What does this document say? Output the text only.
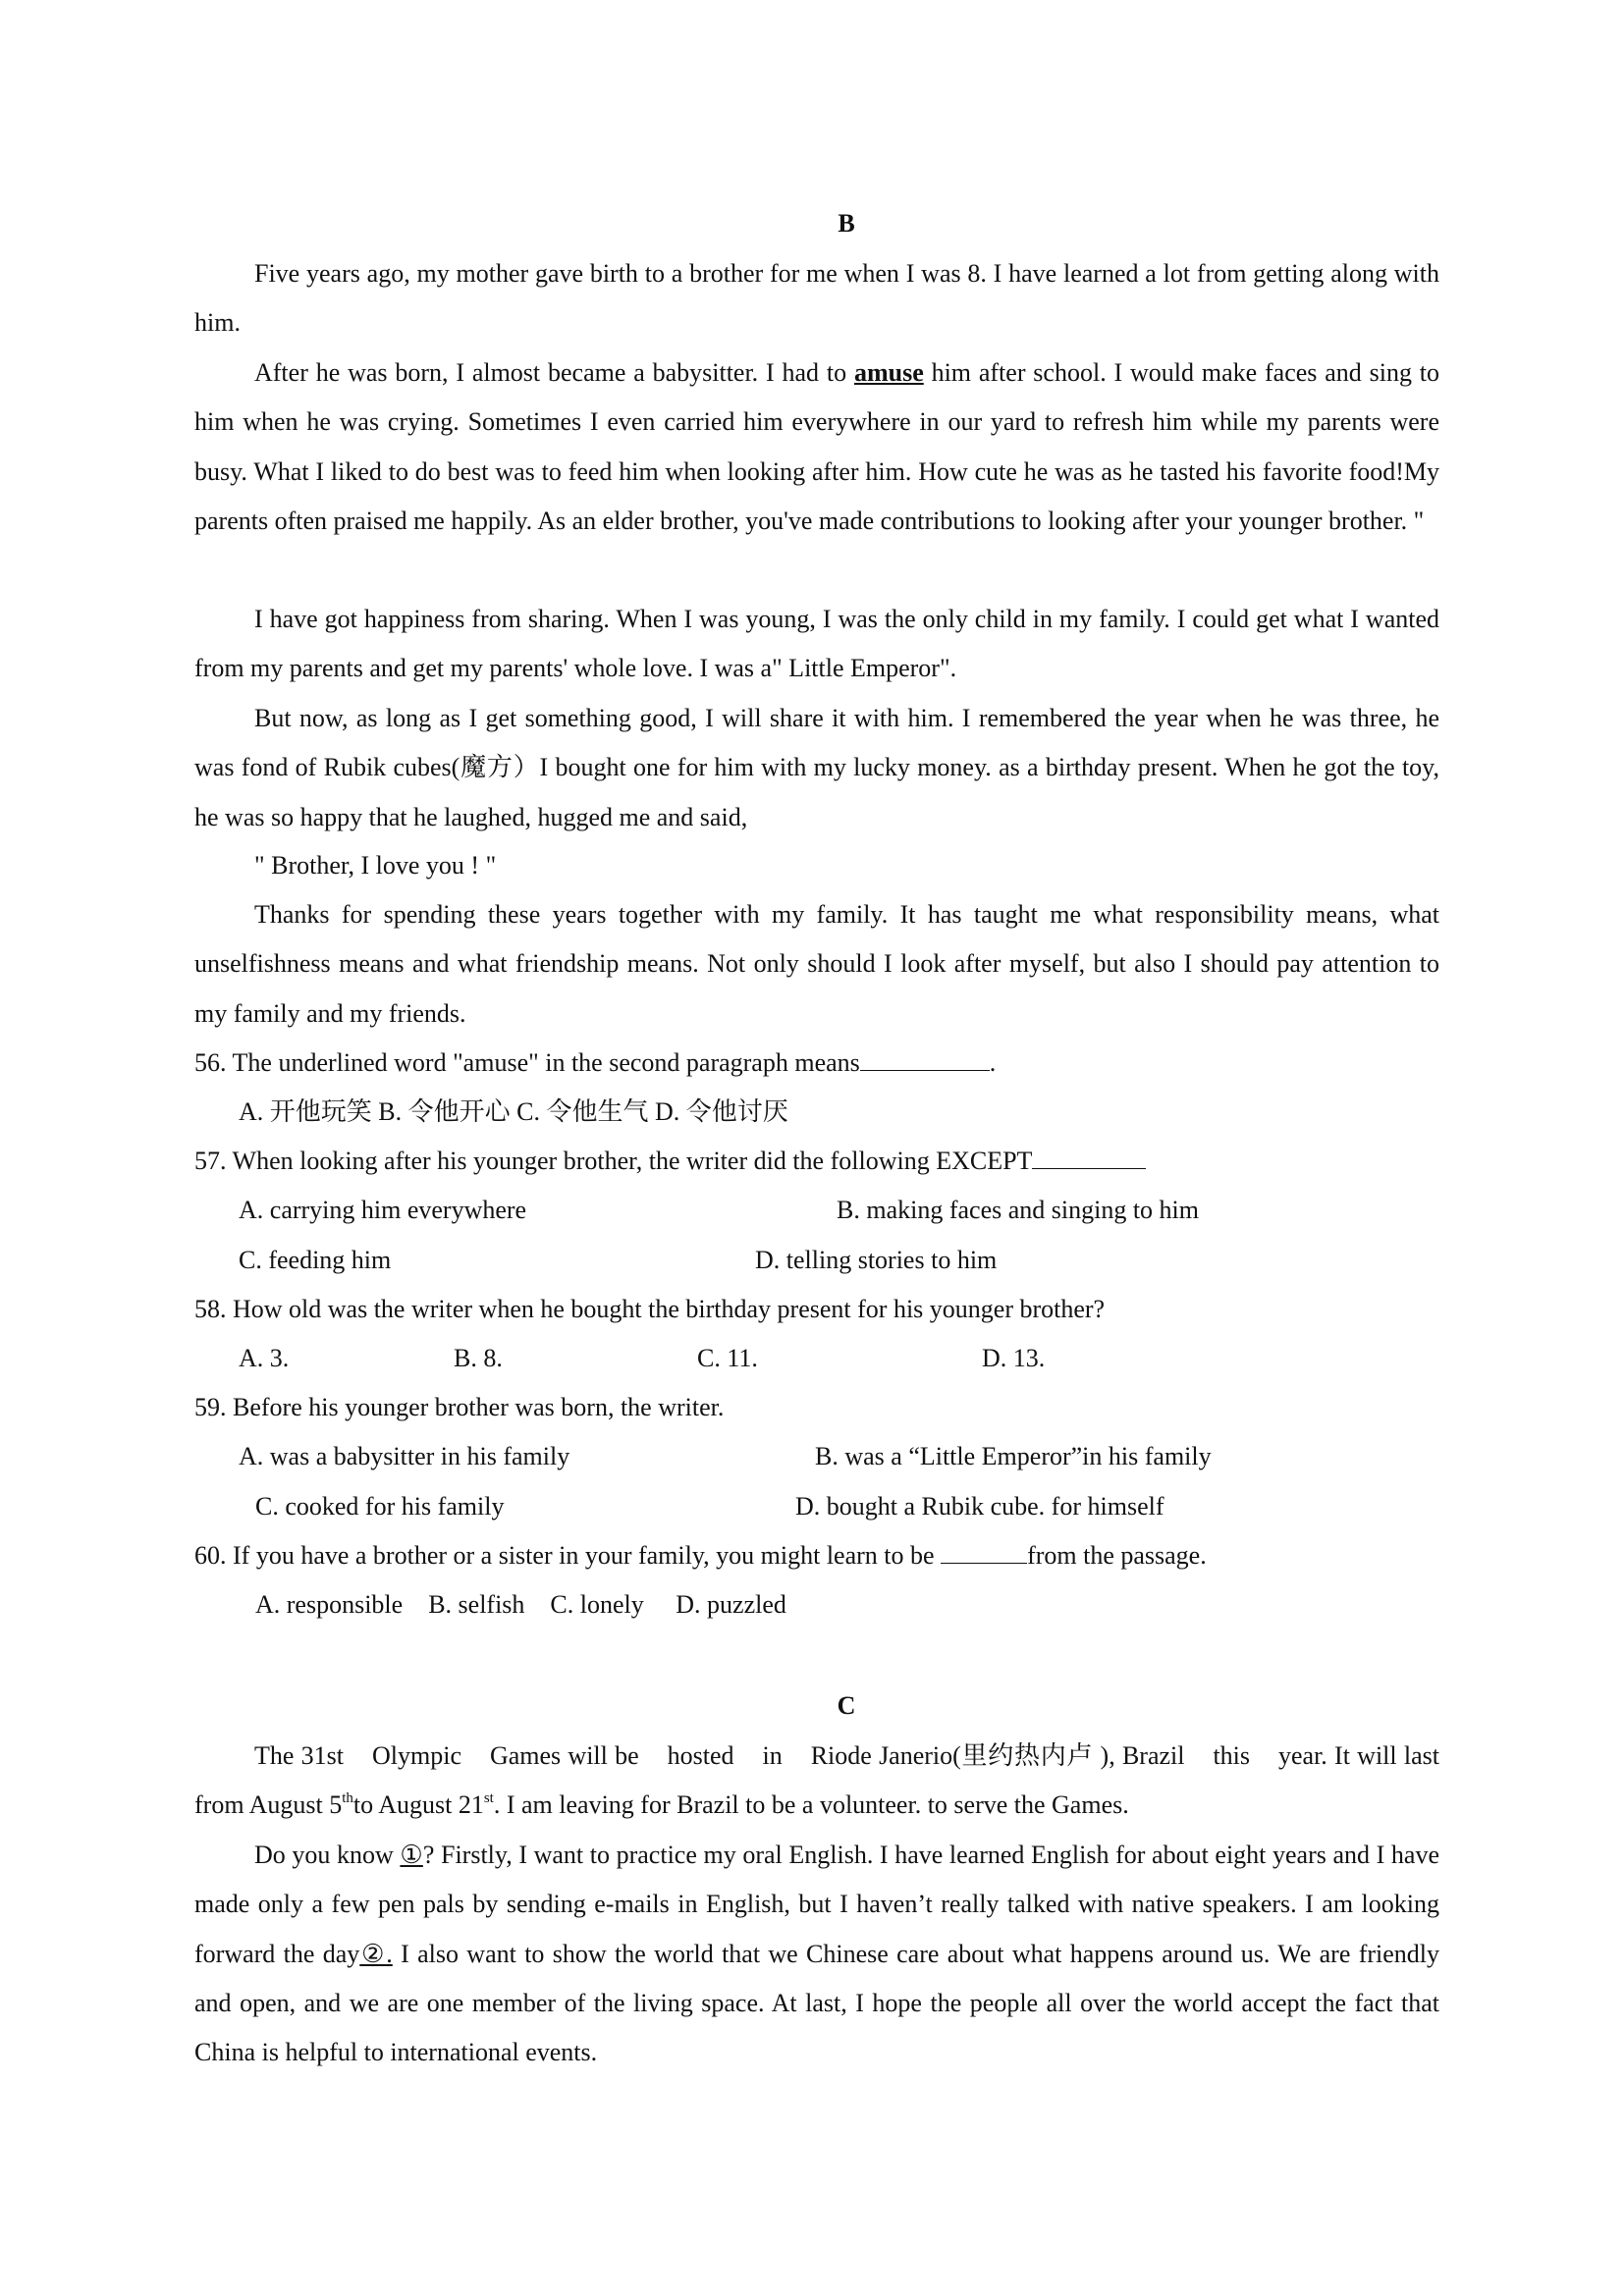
B

Five years ago, my mother gave birth to a brother for me when I was 8. I have learned a lot from getting along with him.

After he was born, I almost became a babysitter. I had to amuse him after school. I would make faces and sing to him when he was crying. Sometimes I even carried him everywhere in our yard to refresh him while my parents were busy. What I liked to do best was to feed him when looking after him. How cute he was as he tasted his favorite food!My parents often praised me happily. As an elder brother, you've made contributions to looking after your younger brother. "

I have got happiness from sharing. When I was young, I was the only child in my family. I could get what I wanted from my parents and get my parents' whole love. I was a" Little Emperor".

But now, as long as I get something good, I will share it with him. I remembered the year when he was three, he was fond of Rubik cubes(魔方）I bought one for him with my lucky money. as a birthday present. When he got the toy, he was so happy that he laughed, hugged me and said,

" Brother, I love you ! "

Thanks for spending these years together with my family. It has taught me what responsibility means, what unselfishness means and what friendship means. Not only should I look after myself, but also I should pay attention to my family and my friends.

56. The underlined word "amuse" in the second paragraph means	.
A. 开他玩笑 B. 令他开心 C. 令他生气 D. 令他讨厌
57. When looking after his younger brother, the writer did the following EXCEPT
A. carrying him everywhere	B. making faces and singing to him
C. feeding him	D. telling stories to him
58. How old was the writer when he bought the birthday present for his younger brother?
A. 3.	B. 8.	C. 11.	D. 13.
59. Before his younger brother was born, the writer.
A. was a babysitter in his family	B. was a “Little Emperor”in his family
C. cooked for his family	D. bought a Rubik cube. for himself
60. If you have a brother or a sister in your family, you might learn to be	from the passage.
A. responsible    B. selfish    C. lonely     D. puzzled
C

The 31st    Olympic    Games will be    hosted    in    Riode Janerio(里约热内卢 ), Brazil    this    year. It will last from August 5thto August 21st. I am leaving for Brazil to be a volunteer. to serve the Games.

Do you know ①? Firstly, I want to practice my oral English. I have learned English for about eight years and I have made only a few pen pals by sending e-mails in English, but I haven’t really talked with native speakers. I am looking forward the day②. I also want to show the world that we Chinese care about what happens around us. We are friendly and open, and we are one member of the living space. At last, I hope the people all over the world accept the fact that China is helpful to international events.
